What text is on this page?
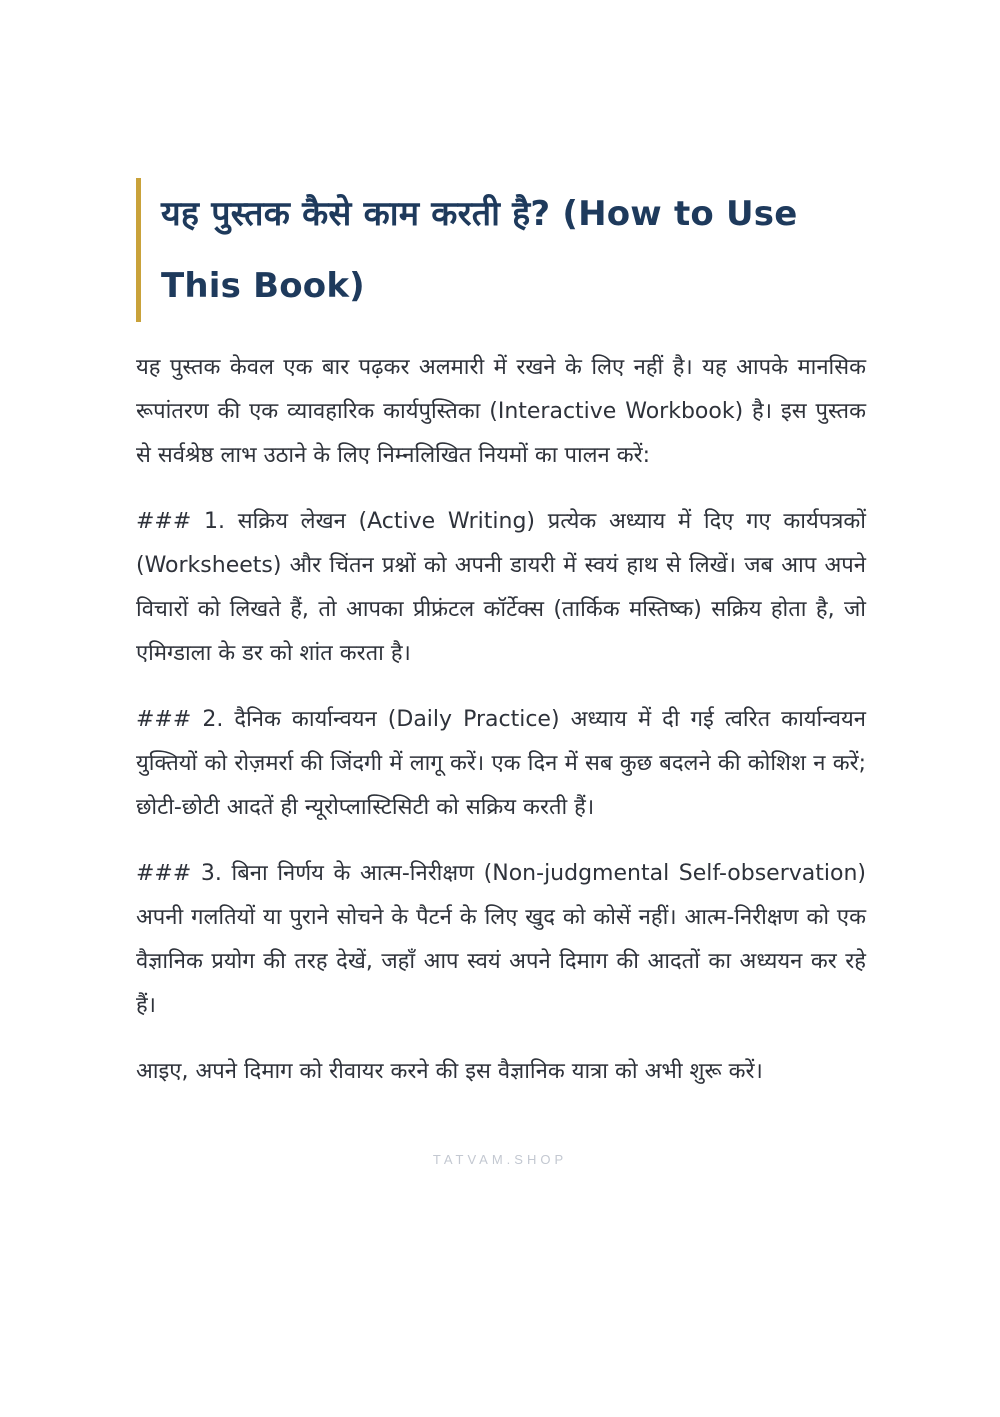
यह पुस्तक कैसे काम करती है? (How to Use This Book)

यह पुस्तक केवल एक बार पढ़कर अलमारी में रखने के लिए नहीं है। यह आपके मानसिक रूपांतरण की एक व्यावहारिक कार्यपुस्तिका (Interactive Workbook) है। इस पुस्तक से सर्वश्रेष्ठ लाभ उठाने के लिए निम्नलिखित नियमों का पालन करें:

### 1. सक्रिय लेखन (Active Writing) प्रत्येक अध्याय में दिए गए कार्यपत्रकों (Worksheets) और चिंतन प्रश्नों को अपनी डायरी में स्वयं हाथ से लिखें। जब आप अपने विचारों को लिखते हैं, तो आपका प्रीफ्रंटल कॉर्टेक्स (तार्किक मस्तिष्क) सक्रिय होता है, जो एमिग्डाला के डर को शांत करता है।

### 2. दैनिक कार्यान्वयन (Daily Practice) अध्याय में दी गई त्वरित कार्यान्वयन युक्तियों को रोज़मर्रा की जिंदगी में लागू करें। एक दिन में सब कुछ बदलने की कोशिश न करें; छोटी-छोटी आदतें ही न्यूरोप्लास्टिसिटी को सक्रिय करती हैं।

### 3. बिना निर्णय के आत्म-निरीक्षण (Non-judgmental Self-observation) अपनी गलतियों या पुराने सोचने के पैटर्न के लिए खुद को कोसें नहीं। आत्म-निरीक्षण को एक वैज्ञानिक प्रयोग की तरह देखें, जहाँ आप स्वयं अपने दिमाग की आदतों का अध्ययन कर रहे हैं।

आइए, अपने दिमाग को रीवायर करने की इस वैज्ञानिक यात्रा को अभी शुरू करें।

TATVAM.SHOP
